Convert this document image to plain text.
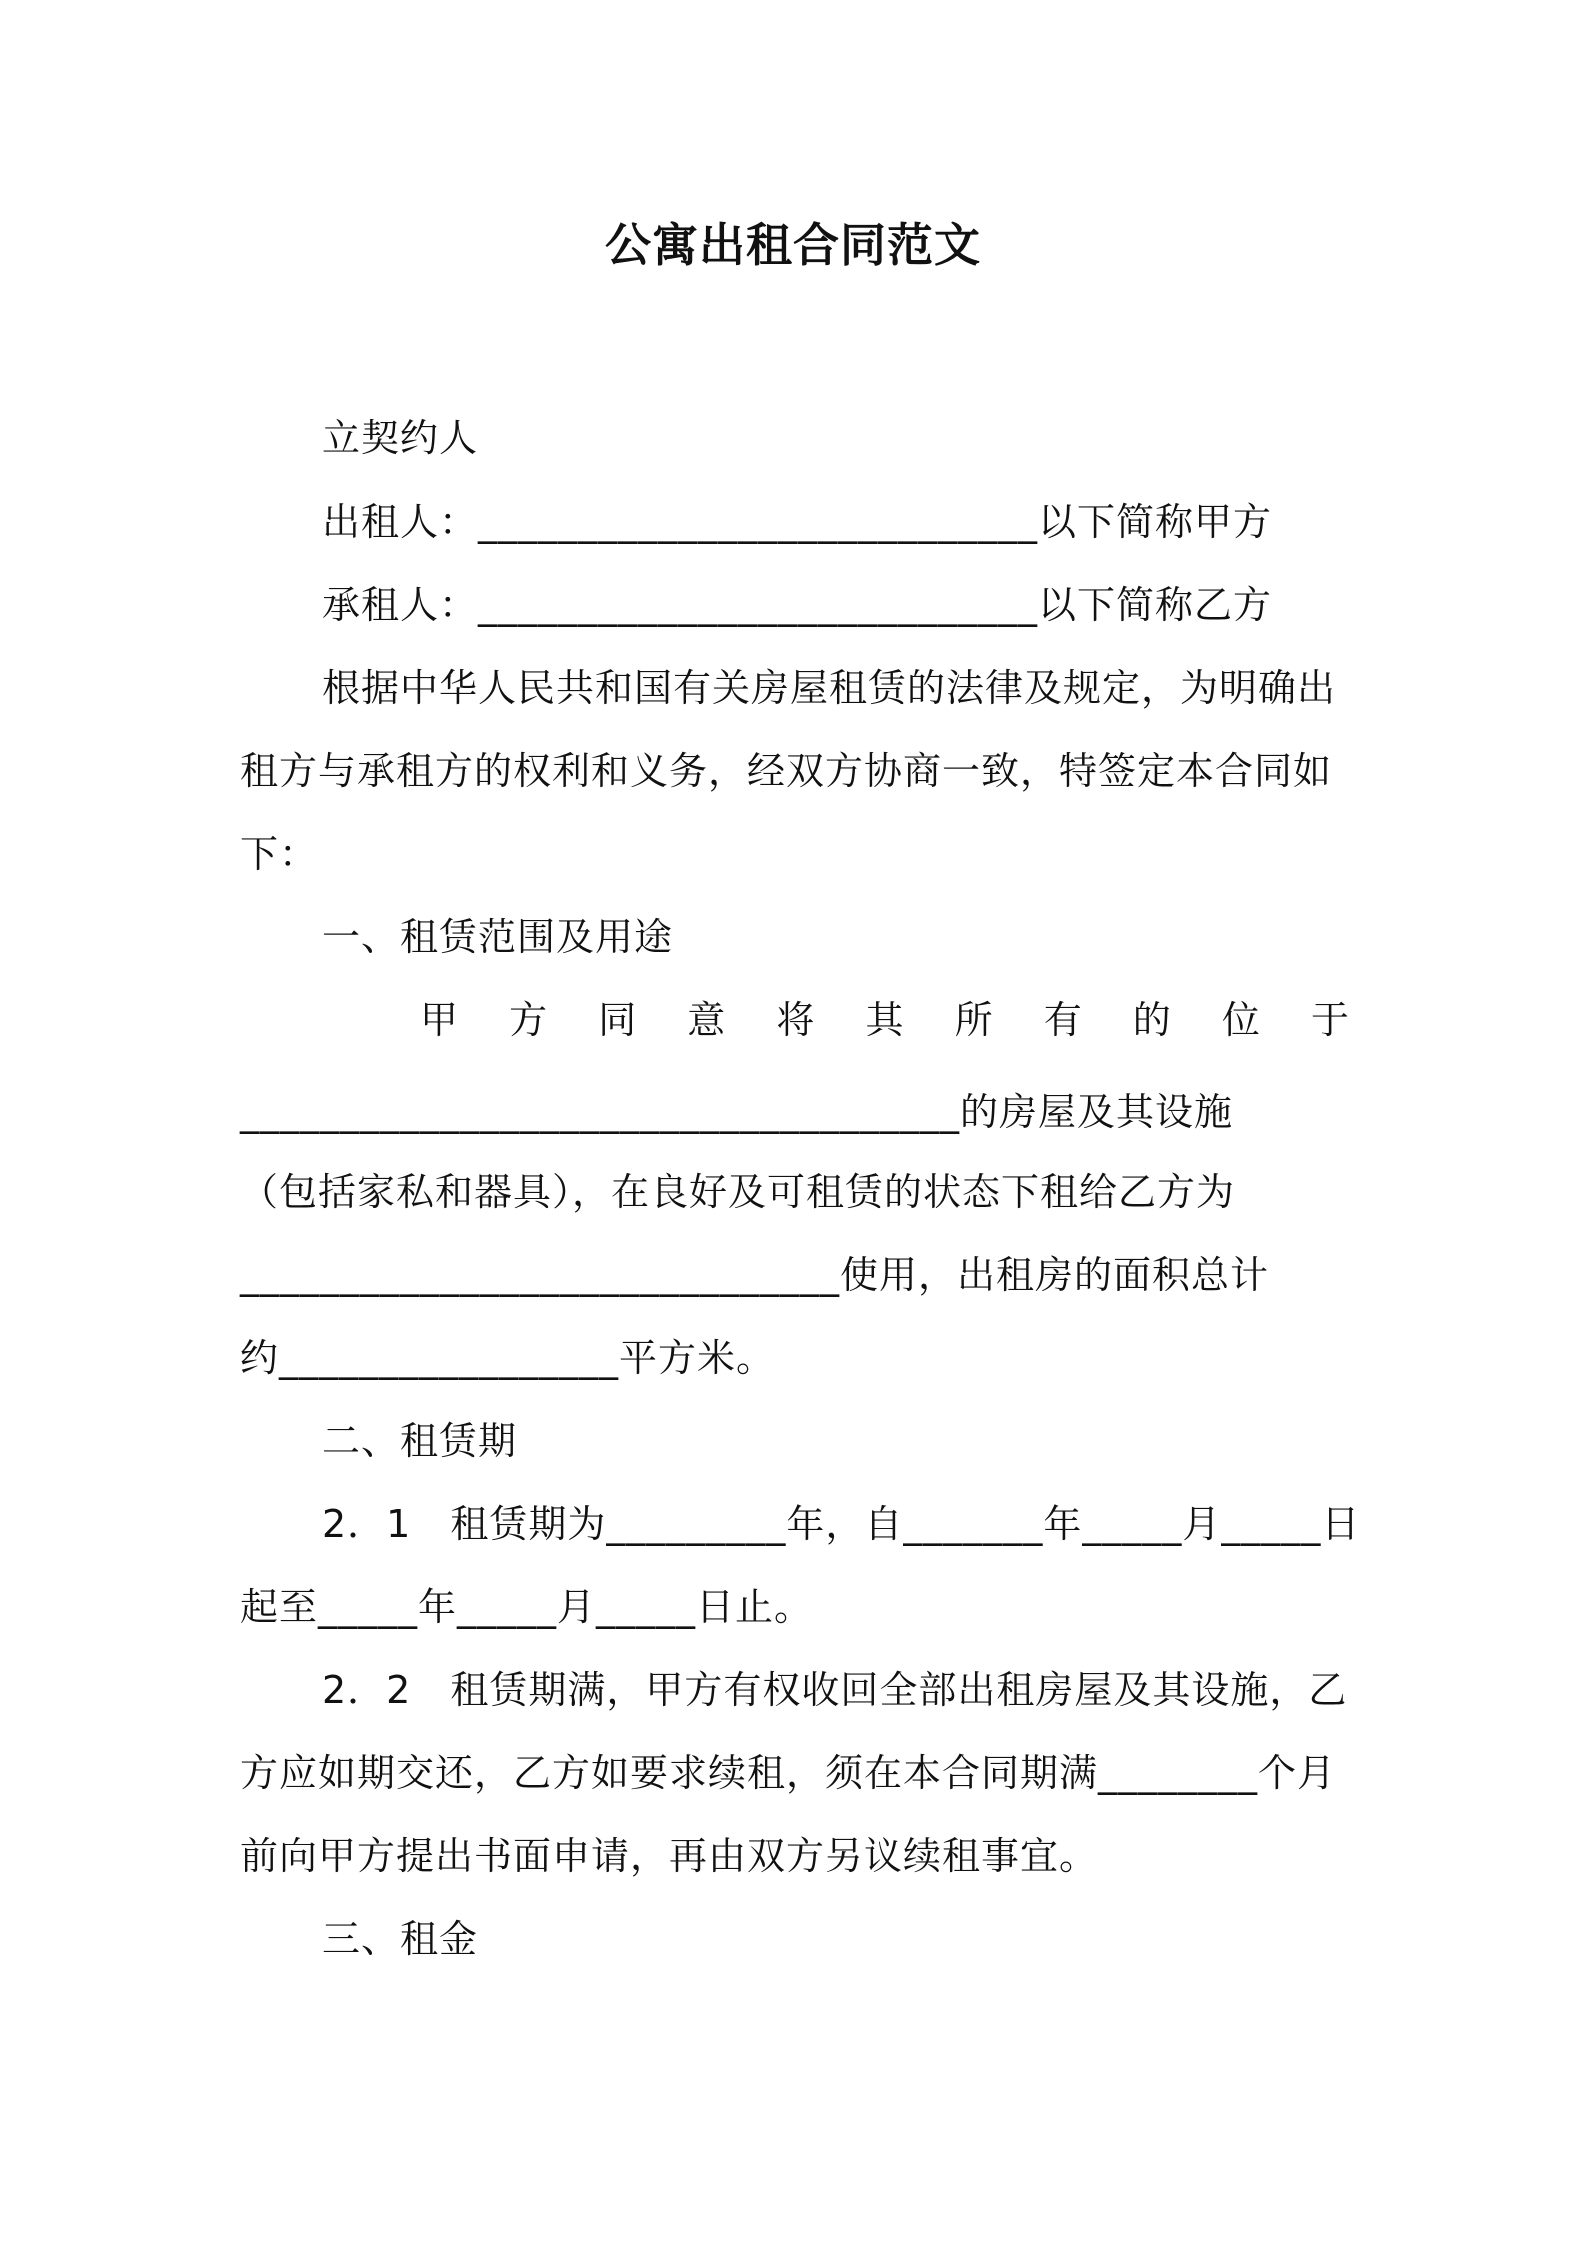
公寓出租合同范文
立契约人
出租人：____________________________以下简称甲方
承租人：____________________________以下简称乙方
根据中华人民共和国有关房屋租赁的法律及规定，为明确出
租方与承租方的权利和义务，经双方协商一致，特签定本合同如
下：
一、租赁范围及用途
甲 方 同 意 将 其 所 有 的 位 于
____________________________________的房屋及其设施
（包括家私和器具），在良好及可租赁的状态下租给乙方为
______________________________使用，出租房的面积总计
约_________________平方米。
二、租赁期
2．1　租赁期为_________年，自_______年_____月_____日
起至_____年_____月_____日止。
2．2　租赁期满，甲方有权收回全部出租房屋及其设施，乙
方应如期交还，乙方如要求续租，须在本合同期满________个月
前向甲方提出书面申请，再由双方另议续租事宜。
三、租金
